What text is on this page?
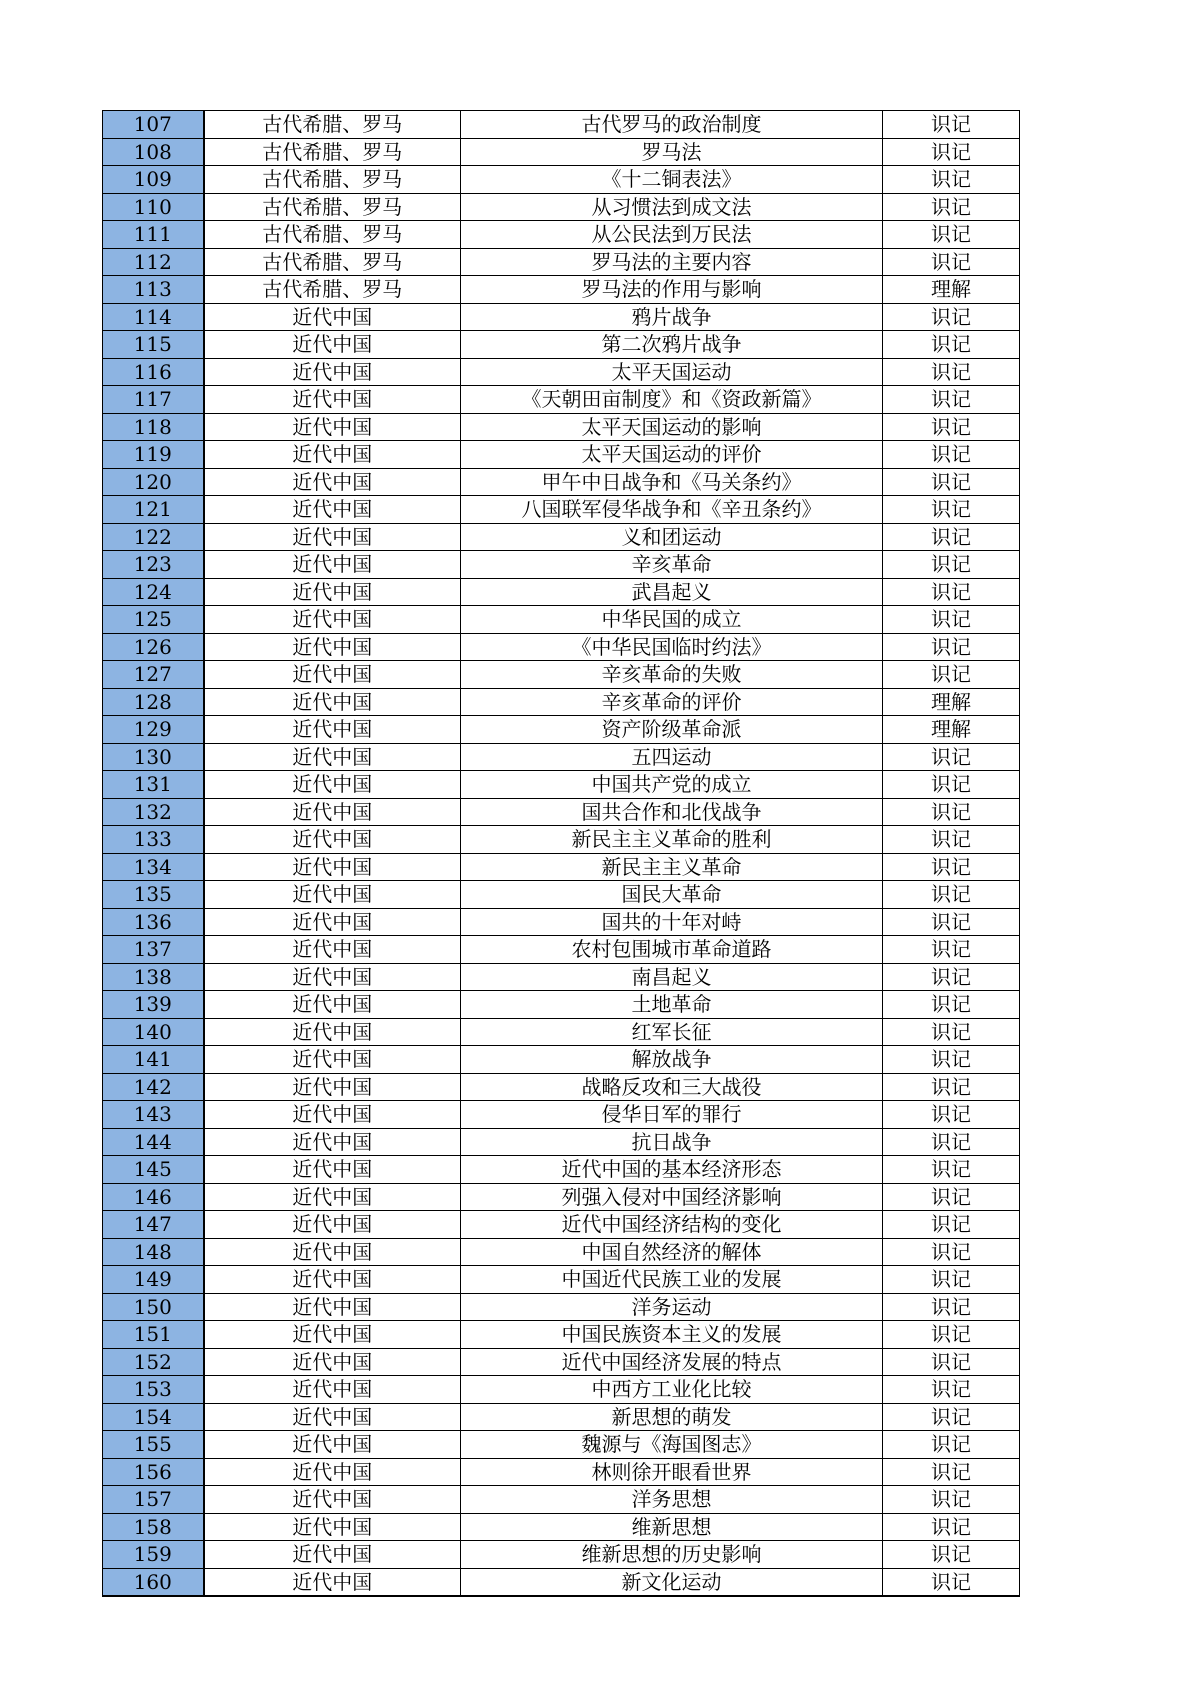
107	古代希腊、罗马	古代罗马的政治制度	识记
108	古代希腊、罗马	罗马法	识记
109	古代希腊、罗马	《十二铜表法》	识记
110	古代希腊、罗马	从习惯法到成文法	识记
111	古代希腊、罗马	从公民法到万民法	识记
112	古代希腊、罗马	罗马法的主要内容	识记
113	古代希腊、罗马	罗马法的作用与影响	理解
114	近代中国	鸦片战争	识记
115	近代中国	第二次鸦片战争	识记
116	近代中国	太平天国运动	识记
117	近代中国	《天朝田亩制度》和《资政新篇》	识记
118	近代中国	太平天国运动的影响	识记
119	近代中国	太平天国运动的评价	识记
120	近代中国	甲午中日战争和《马关条约》	识记
121	近代中国	八国联军侵华战争和《辛丑条约》	识记
122	近代中国	义和团运动	识记
123	近代中国	辛亥革命	识记
124	近代中国	武昌起义	识记
125	近代中国	中华民国的成立	识记
126	近代中国	《中华民国临时约法》	识记
127	近代中国	辛亥革命的失败	识记
128	近代中国	辛亥革命的评价	理解
129	近代中国	资产阶级革命派	理解
130	近代中国	五四运动	识记
131	近代中国	中国共产党的成立	识记
132	近代中国	国共合作和北伐战争	识记
133	近代中国	新民主主义革命的胜利	识记
134	近代中国	新民主主义革命	识记
135	近代中国	国民大革命	识记
136	近代中国	国共的十年对峙	识记
137	近代中国	农村包围城市革命道路	识记
138	近代中国	南昌起义	识记
139	近代中国	土地革命	识记
140	近代中国	红军长征	识记
141	近代中国	解放战争	识记
142	近代中国	战略反攻和三大战役	识记
143	近代中国	侵华日军的罪行	识记
144	近代中国	抗日战争	识记
145	近代中国	近代中国的基本经济形态	识记
146	近代中国	列强入侵对中国经济影响	识记
147	近代中国	近代中国经济结构的变化	识记
148	近代中国	中国自然经济的解体	识记
149	近代中国	中国近代民族工业的发展	识记
150	近代中国	洋务运动	识记
151	近代中国	中国民族资本主义的发展	识记
152	近代中国	近代中国经济发展的特点	识记
153	近代中国	中西方工业化比较	识记
154	近代中国	新思想的萌发	识记
155	近代中国	魏源与《海国图志》	识记
156	近代中国	林则徐开眼看世界	识记
157	近代中国	洋务思想	识记
158	近代中国	维新思想	识记
159	近代中国	维新思想的历史影响	识记
160	近代中国	新文化运动	识记
